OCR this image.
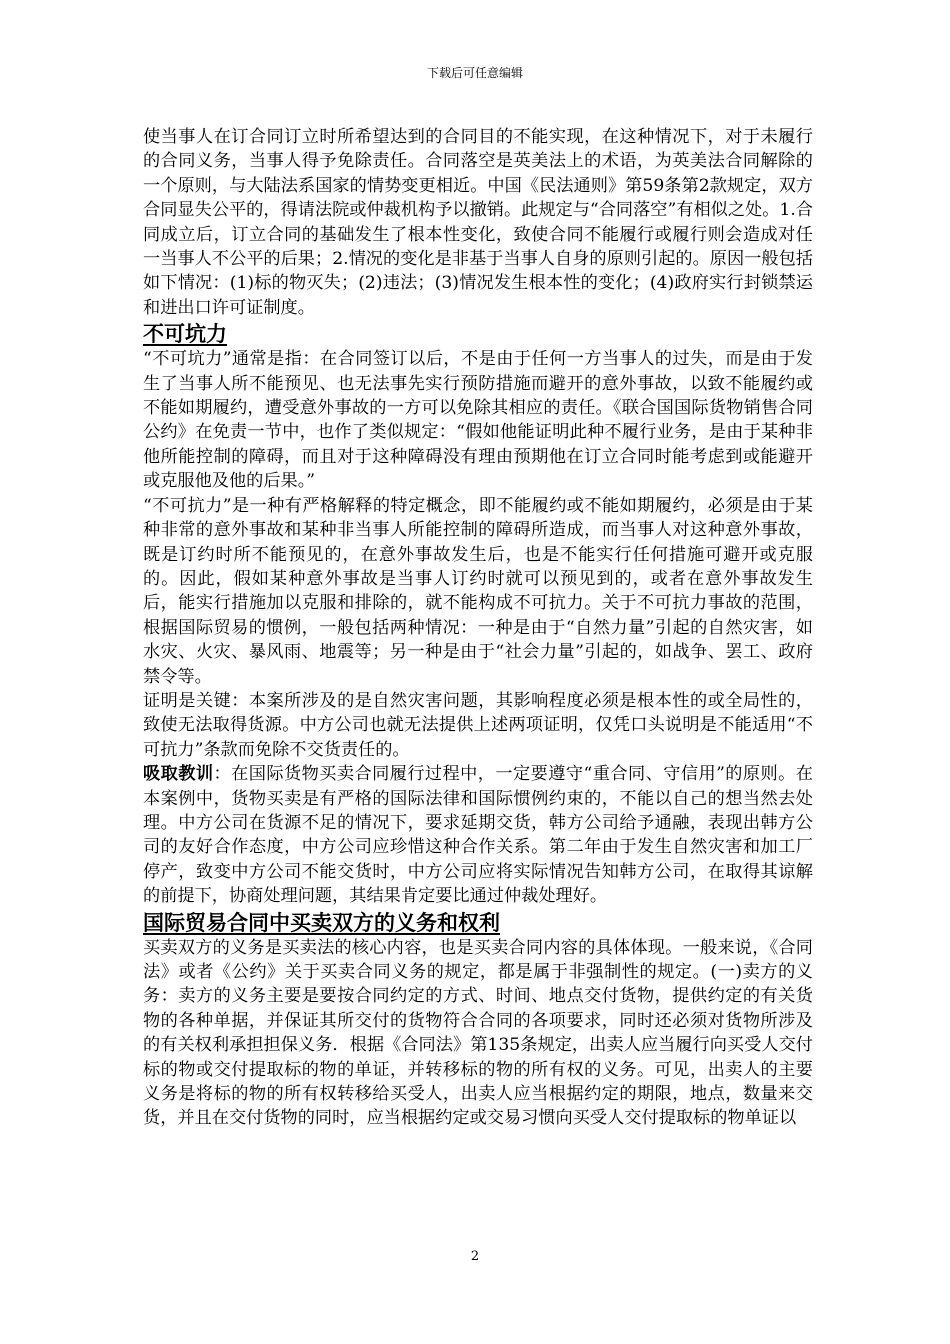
下载后可任意编辑

使当事人在订合同订立时所希望达到的合同目的不能实现，在这种情况下，对于未履行的合同义务，当事人得予免除责任。合同落空是英美法上的术语，为英美法合同解除的一个原则，与大陆法系国家的情势变更相近。中国《民法通则》第59条第2款规定，双方合同显失公平的，得请法院或仲裁机构予以撤销。此规定与“合同落空”有相似之处。1.合同成立后，订立合同的基础发生了根本性变化，致使合同不能履行或履行则会造成对任一当事人不公平的后果；2.情况的变化是非基于当事人自身的原则引起的。原因一般包括如下情况：(1)标的物灭失；(2)违法；(3)情况发生根本性的变化；(4)政府实行封锁禁运和进出口许可证制度。

不可坑力

“不可坑力”通常是指：在合同签订以后，不是由于任何一方当事人的过失，而是由于发生了当事人所不能预见、也无法事先实行预防措施而避开的意外事故，以致不能履约或不能如期履约，遭受意外事故的一方可以免除其相应的责任。《联合国国际货物销售合同公约》在免责一节中，也作了类似规定：“假如他能证明此种不履行业务，是由于某种非他所能控制的障碍，而且对于这种障碍没有理由预期他在订立合同时能考虑到或能避开或克服他及他的后果。”

“不可抗力”是一种有严格解释的特定概念，即不能履约或不能如期履约，必须是由于某种非常的意外事故和某种非当事人所能控制的障碍所造成，而当事人对这种意外事故，既是订约时所不能预见的，在意外事故发生后，也是不能实行任何措施可避开或克服的。因此，假如某种意外事故是当事人订约时就可以预见到的，或者在意外事故发生后，能实行措施加以克服和排除的，就不能构成不可抗力。关于不可抗力事故的范围，根据国际贸易的惯例，一般包括两种情况：一种是由于“自然力量”引起的自然灾害，如水灾、火灾、暴风雨、地震等；另一种是由于“社会力量”引起的，如战争、罢工、政府禁令等。

证明是关键：本案所涉及的是自然灾害问题，其影响程度必须是根本性的或全局性的，致使无法取得货源。中方公司也就无法提供上述两项证明，仅凭口头说明是不能适用“不可抗力”条款而免除不交货责任的。

吸取教训：在国际货物买卖合同履行过程中，一定要遵守“重合同、守信用”的原则。在本案例中，货物买卖是有严格的国际法律和国际惯例约束的，不能以自己的想当然去处理。中方公司在货源不足的情况下，要求延期交货，韩方公司给予通融，表现出韩方公司的友好合作态度，中方公司应珍惜这种合作关系。第二年由于发生自然灾害和加工厂停产，致变中方公司不能交货时，中方公司应将实际情况告知韩方公司，在取得其谅解的前提下，协商处理问题，其结果肯定要比通过仲裁处理好。

国际贸易合同中买卖双方的义务和权利

买卖双方的义务是买卖法的核心内容，也是买卖合同内容的具体体现。一般来说，《合同法》或者《公约》关于买卖合同义务的规定，都是属于非强制性的规定。(一)卖方的义务：卖方的义务主要是要按合同约定的方式、时间、地点交付货物，提供约定的有关货物的各种单据，并保证其所交付的货物符合合同的各项要求，同时还必须对货物所涉及的有关权利承担担保义务．根据《合同法》第135条规定，出卖人应当履行向买受人交付标的物或交付提取标的物的单证，并转移标的物的所有权的义务。可见，出卖人的主要义务是将标的物的所有权转移给买受人，出卖人应当根据约定的期限，地点，数量来交货，并且在交付货物的同时，应当根据约定或交易习惯向买受人交付提取标的物单证以

2
